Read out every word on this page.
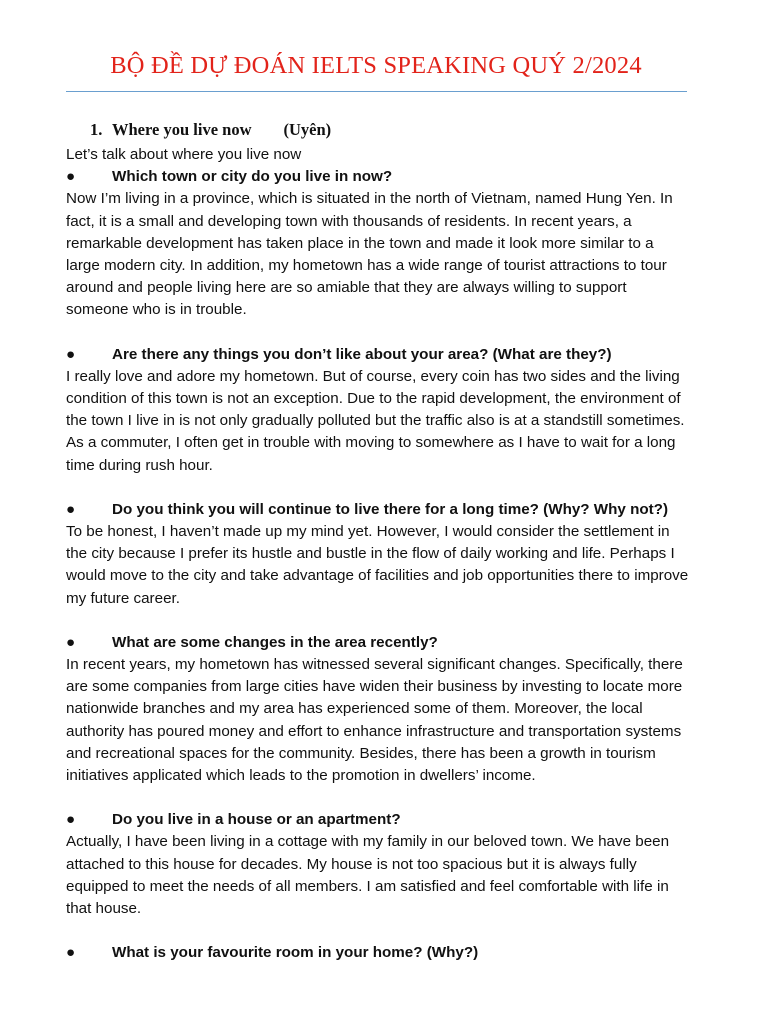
BỘ ĐỀ DỰ ĐOÁN IELTS SPEAKING QUÝ 2/2024
1. Where you live now (Uyên)

Let’s talk about where you live now

● Which town or city do you live in now?

Now I’m living in a province, which is situated in the north of Vietnam, named Hung Yen. In fact, it is a small and developing town with thousands of residents. In recent years, a remarkable development has taken place in the town and made it look more similar to a large modern city. In addition, my hometown has a wide range of tourist attractions to tour around and people living here are so amiable that they are always willing to support someone who is in trouble.

● Are there any things you don’t like about your area? (What are they?)

I really love and adore my hometown. But of course, every coin has two sides and the living condition of this town is not an exception. Due to the rapid development, the environment of the town I live in is not only gradually polluted but the traffic also is at a standstill sometimes. As a commuter, I often get in trouble with moving to somewhere as I have to wait for a long time during rush hour.

● Do you think you will continue to live there for a long time? (Why? Why not?)

To be honest, I haven’t made up my mind yet. However, I would consider the settlement in the city because I prefer its hustle and bustle in the flow of daily working and life. Perhaps I would move to the city and take advantage of facilities and job opportunities there to improve my future career.

● What are some changes in the area recently?

In recent years, my hometown has witnessed several significant changes. Specifically, there are some companies from large cities have widen their business by investing to locate more nationwide branches and my area has experienced some of them. Moreover, the local authority has poured money and effort to enhance infrastructure and transportation systems and recreational spaces for the community. Besides, there has been a growth in tourism initiatives applicated which leads to the promotion in dwellers’ income.

● Do you live in a house or an apartment?

Actually, I have been living in a cottage with my family in our beloved town. We have been attached to this house for decades. My house is not too spacious but it is always fully equipped to meet the needs of all members. I am satisfied and feel comfortable with life in that house.

● What is your favourite room in your home? (Why?)
